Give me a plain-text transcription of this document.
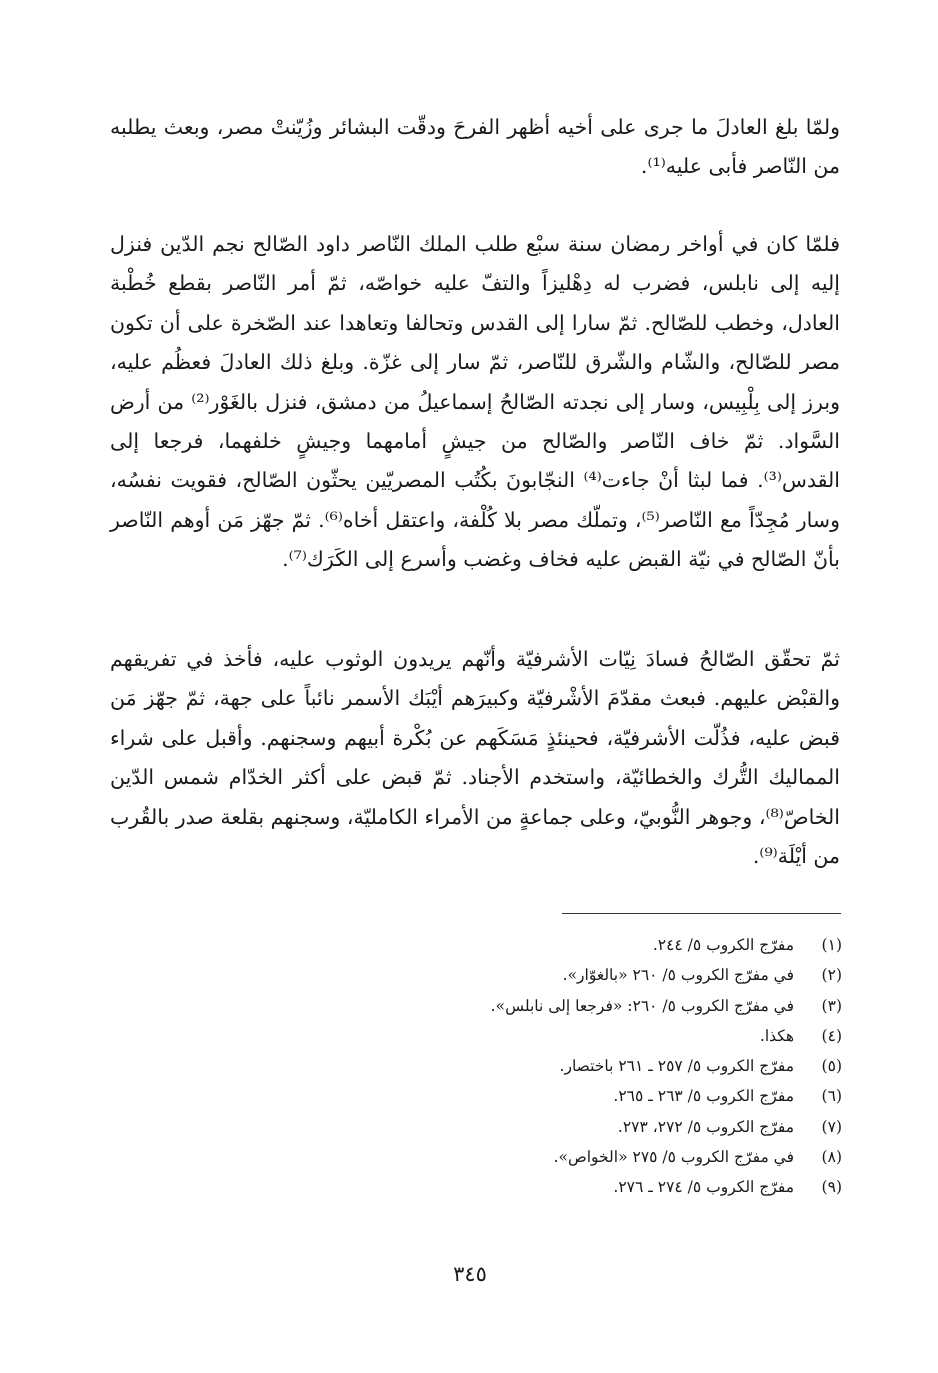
ولمّا بلغ العادلَ ما جرى على أخيه أظهر الفرحَ ودقّت البشائر وزُيّنتْ مصر، وبعث يطلبه من النّاصر فأبى عليه⁽¹⁾.

فلمّا كان في أواخر رمضان سنة سبْع طلب الملك النّاصر داود الصّالح نجم الدّين فنزل إليه إلى نابلس، فضرب له دِهْليزاً والتفّ عليه خواصّه، ثمّ أمر النّاصر بقطع خُطْبة العادل، وخطب للصّالح. ثمّ سارا إلى القدس وتحالفا وتعاهدا عند الصّخرة على أن تكون مصر للصّالح، والشّام والشّرق للنّاصر، ثمّ سار إلى غزّة. وبلغ ذلك العادلَ فعظُم عليه، وبرز إلى بِلْبِيس، وسار إلى نجدته الصّالحُ إسماعيلُ من دمشق، فنزل بالغَوْر⁽²⁾ من أرض السَّواد. ثمّ خاف النّاصر والصّالح من جيشٍ أمامهما وجيشٍ خلفهما، فرجعا إلى القدس⁽³⁾. فما لبثا أنْ جاءت⁽⁴⁾ النجّابونَ بكُتُب المصريّين يحثّون الصّالح، فقويت نفسُه، وسار مُجِدّاً مع النّاصر⁽⁵⁾، وتملّك مصر بلا كُلْفة، واعتقل أخاه⁽⁶⁾. ثمّ جهّز مَن أوهم النّاصر بأنّ الصّالح في نيّة القبض عليه فخاف وغضب وأسرع إلى الكَرَك⁽⁷⁾.

ثمّ تحقّق الصّالحُ فسادَ نِيّات الأشرفيّة وأنّهم يريدون الوثوب عليه، فأخذ في تفريقهم والقبْض عليهم. فبعث مقدّمَ الأشْرفيّة وكبيرَهم أيْبَك الأسمر نائباً على جهة، ثمّ جهّز مَن قبض عليه، فذُلّت الأشرفيّة، فحينئذٍ مَسَكَهم عن بُكْرة أبيهم وسجنهم. وأقبل على شراء المماليك التُّرك والخطائيّة، واستخدم الأجناد. ثمّ قبض على أكثر الخدّام شمس الدّين الخاصّ⁽⁸⁾، وجوهر النُّوبيّ، وعلى جماعةٍ من الأمراء الكامليّة، وسجنهم بقلعة صدر بالقُرب من أيْلَة⁽⁹⁾.

(١)
مفرّج الكروب ٥/ ٢٤٤.
(٢)
في مفرّج الكروب ٥/ ٢٦٠ «بالغوّار».
(٣)
في مفرّج الكروب ٥/ ٢٦٠: «فرجعا إلى نابلس».
(٤)
هكذا.
(٥)
مفرّج الكروب ٥/ ٢٥٧ ـ ٢٦١ باختصار.
(٦)
مفرّج الكروب ٥/ ٢٦٣ ـ ٢٦٥.
(٧)
مفرّج الكروب ٥/ ٢٧٢، ٢٧٣.
(٨)
في مفرّج الكروب ٥/ ٢٧٥ «الخواص».
(٩)
مفرّج الكروب ٥/ ٢٧٤ ـ ٢٧٦.
٣٤٥
